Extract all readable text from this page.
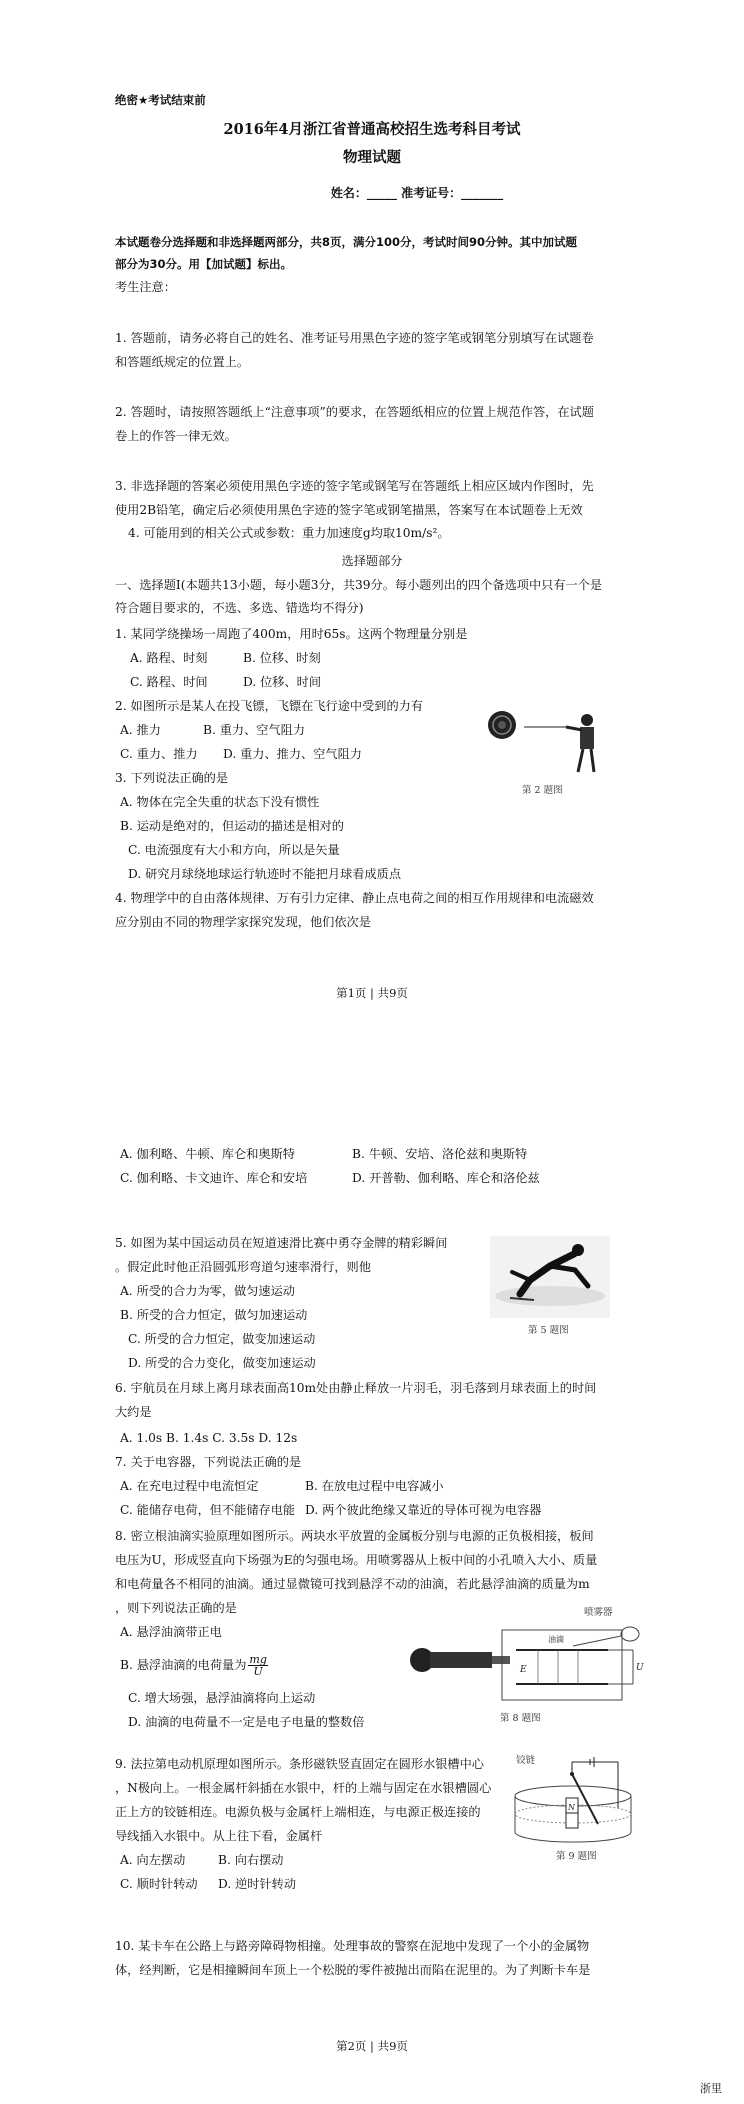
绝密★考试结束前
2016年4月浙江省普通高校招生选考科目考试
物理试题
姓名：_____ 准考证号：_______
本试题卷分选择题和非选择题两部分，共8页，满分100分，考试时间90分钟。其中加试题
部分为30分。用【加试题】标出。
考生注意：
1. 答题前，请务必将自己的姓名、准考证号用黑色字迹的签字笔或钢笔分别填写在试题卷
和答题纸规定的位置上。
2. 答题时，请按照答题纸上“注意事项”的要求，在答题纸相应的位置上规范作答，在试题
卷上的作答一律无效。
3. 非选择题的答案必须使用黑色字迹的签字笔或钢笔写在答题纸上相应区域内作图时，先
使用2B铅笔，确定后必须使用黑色字迹的签字笔或钢笔描黑，答案写在本试题卷上无效
4. 可能用到的相关公式或参数：重力加速度g均取10m/s²。
选择题部分
一、选择题Ⅰ(本题共13小题，每小题3分，共39分。每小题列出的四个备选项中只有一个是
符合题目要求的，不选、多选、错选均不得分)
1. 某同学绕操场一周跑了400m，用时65s。这两个物理量分别是
A. 路程、时刻	B. 位移、时刻
C. 路程、时间	D. 位移、时间
2. 如图所示是某人在投飞镖，飞镖在飞行途中受到的力有
A. 推力	B. 重力、空气阻力
C. 重力、推力 D. 重力、推力、空气阻力
第 2 题图
3. 下列说法正确的是
A. 物体在完全失重的状态下没有惯性
B. 运动是绝对的，但运动的描述是相对的
C. 电流强度有大小和方向，所以是矢量
D. 研究月球绕地球运行轨迹时不能把月球看成质点
4. 物理学中的自由落体规律、万有引力定律、静止点电荷之间的相互作用规律和电流磁效
应分别由不同的物理学家探究发现，他们依次是
第1页 | 共9页
A. 伽利略、牛顿、库仑和奥斯特	B. 牛顿、安培、洛伦兹和奥斯特
C. 伽利略、卡文迪许、库仑和安培	D. 开普勒、伽利略、库仑和洛伦兹
5. 如图为某中国运动员在短道速滑比赛中勇夺金牌的精彩瞬间
。假定此时他正沿圆弧形弯道匀速率滑行，则他
A. 所受的合力为零，做匀速运动
B. 所受的合力恒定，做匀加速运动
C. 所受的合力恒定，做变加速运动
D. 所受的合力变化，做变加速运动
第 5 题图
6. 宇航员在月球上离月球表面高10m处由静止释放一片羽毛，羽毛落到月球表面上的时间
大约是
A. 1.0s B. 1.4s C. 3.5s D. 12s
7. 关于电容器，下列说法正确的是
A. 在充电过程中电流恒定	B. 在放电过程中电容减小
C. 能储存电荷，但不能储存电能 D. 两个彼此绝缘又靠近的导体可视为电容器
8. 密立根油滴实验原理如图所示。两块水平放置的金属板分别与电源的正负极相接，板间
电压为U，形成竖直向下场强为E的匀强电场。用喷雾器从上板中间的小孔喷入大小、质量
和电荷量各不相同的油滴。通过显微镜可找到悬浮不动的油滴，若此悬浮油滴的质量为m
，则下列说法正确的是
A. 悬浮油滴带正电
B. 悬浮油滴的电荷量为 $\frac{mg}{U}$
C. 增大场强，悬浮油滴将向上运动
D. 油滴的电荷量不一定是电子电量的整数倍
油滴
E	U
喷雾器
第 8 题图
9. 法拉第电动机原理如图所示。条形磁铁竖直固定在圆形水银槽中心
，N极向上。一根金属杆斜插在水银中，杆的上端与固定在水银槽圆心
正上方的铰链相连。电源负极与金属杆上端相连，与电源正极连接的
导线插入水银中。从上往下看，金属杆
A. 向左摆动	B. 向右摆动
C. 顺时针转动 D. 逆时针转动
N
铰链
第 9 题图
10. 某卡车在公路上与路旁障碍物相撞。处理事故的警察在泥地中发现了一个小的金属物
体，经判断，它是相撞瞬间车顶上一个松脱的零件被抛出而陷在泥里的。为了判断卡车是
第2页 | 共9页
浙里
